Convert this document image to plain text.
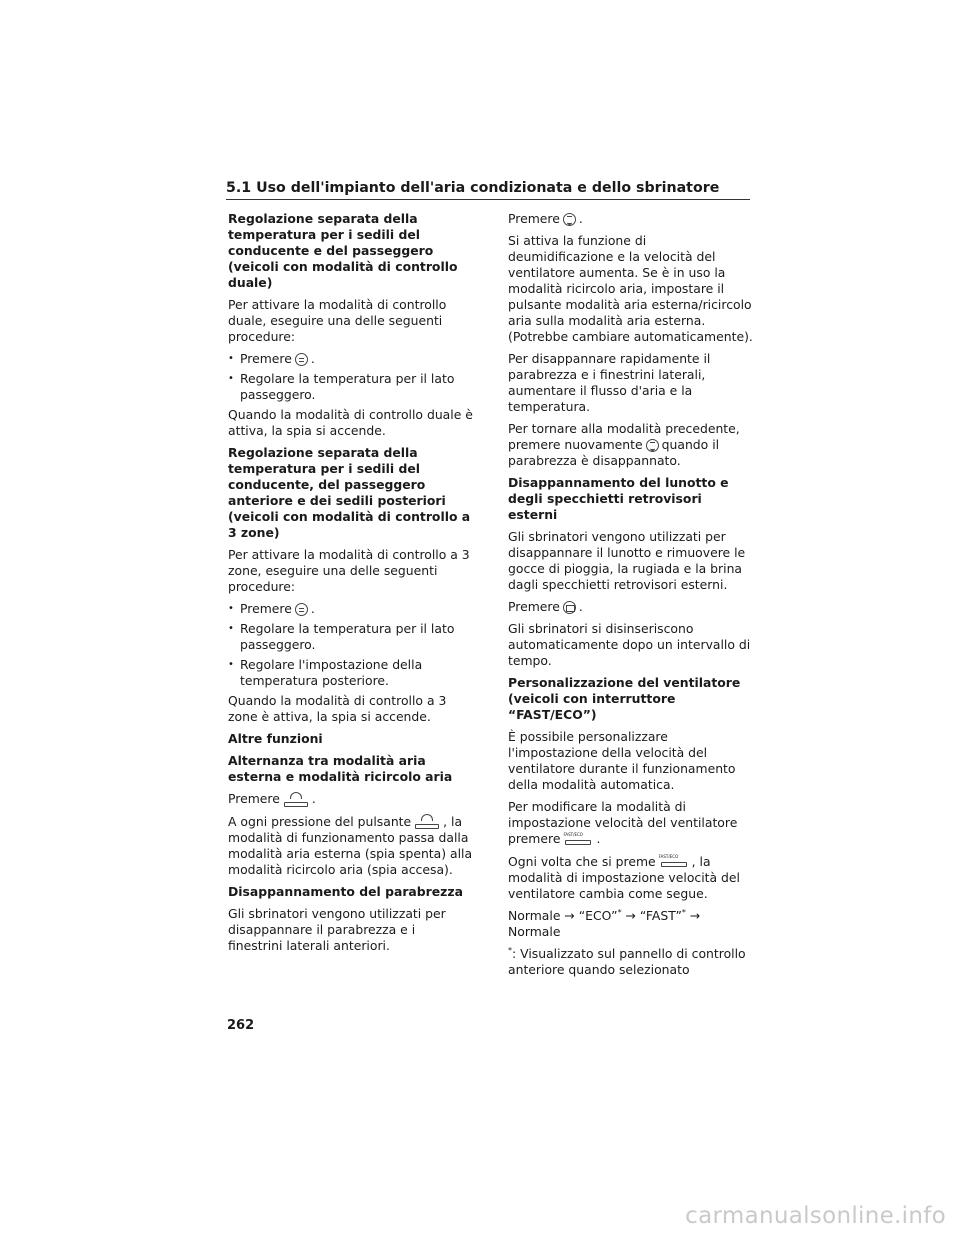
5.1 Uso dell'impianto dell'aria condizionata e dello sbrinatore

Regolazione separata della temperatura per i sedili del conducente e del passeggero (veicoli con modalità di controllo duale)

Per attivare la modalità di controllo duale, eseguire una delle seguenti procedure:

• Premere .

• Regolare la temperatura per il lato passeggero.

Quando la modalità di controllo duale è attiva, la spia si accende.

Regolazione separata della temperatura per i sedili del conducente, del passeggero anteriore e dei sedili posteriori (veicoli con modalità di controllo a 3 zone)

Per attivare la modalità di controllo a 3 zone, eseguire una delle seguenti procedure:

• Premere .

• Regolare la temperatura per il lato passeggero.

• Regolare l'impostazione della temperatura posteriore.

Quando la modalità di controllo a 3 zone è attiva, la spia si accende.

Altre funzioni

Alternanza tra modalità aria esterna e modalità ricircolo aria

Premere	.

A ogni pressione del pulsante	, la modalità di funzionamento passa dalla modalità aria esterna (spia spenta) alla modalità ricircolo aria (spia accesa).

Disappannamento del parabrezza

Gli sbrinatori vengono utilizzati per disappannare il parabrezza e i finestrini laterali anteriori.

Premere .

Si attiva la funzione di deumidificazione e la velocità del ventilatore aumenta. Se è in uso la modalità ricircolo aria, impostare il pulsante modalità aria esterna/ricircolo aria sulla modalità aria esterna. (Potrebbe cambiare automaticamente).

Per disappannare rapidamente il parabrezza e i finestrini laterali, aumentare il flusso d'aria e la temperatura.

Per tornare alla modalità precedente, premere nuovamente quando il parabrezza è disappannato.

Disappannamento del lunotto e degli specchietti retrovisori esterni

Gli sbrinatori vengono utilizzati per disappannare il lunotto e rimuovere le gocce di pioggia, la rugiada e la brina dagli specchietti retrovisori esterni.

Premere .

Gli sbrinatori si disinseriscono automaticamente dopo un intervallo di tempo.

Personalizzazione del ventilatore (veicoli con interruttore “FAST/ECO”)

È possibile personalizzare l'impostazione della velocità del ventilatore durante il funzionamento della modalità automatica.

Per modificare la modalità di impostazione velocità del ventilatore premere FAST/ECO .

Ogni volta che si preme FAST/ECO , la modalità di impostazione velocità del ventilatore cambia come segue.

Normale → “ECO”* → “FAST”* → Normale

*: Visualizzato sul pannello di controllo anteriore quando selezionato

262
carmanualsonline.info
